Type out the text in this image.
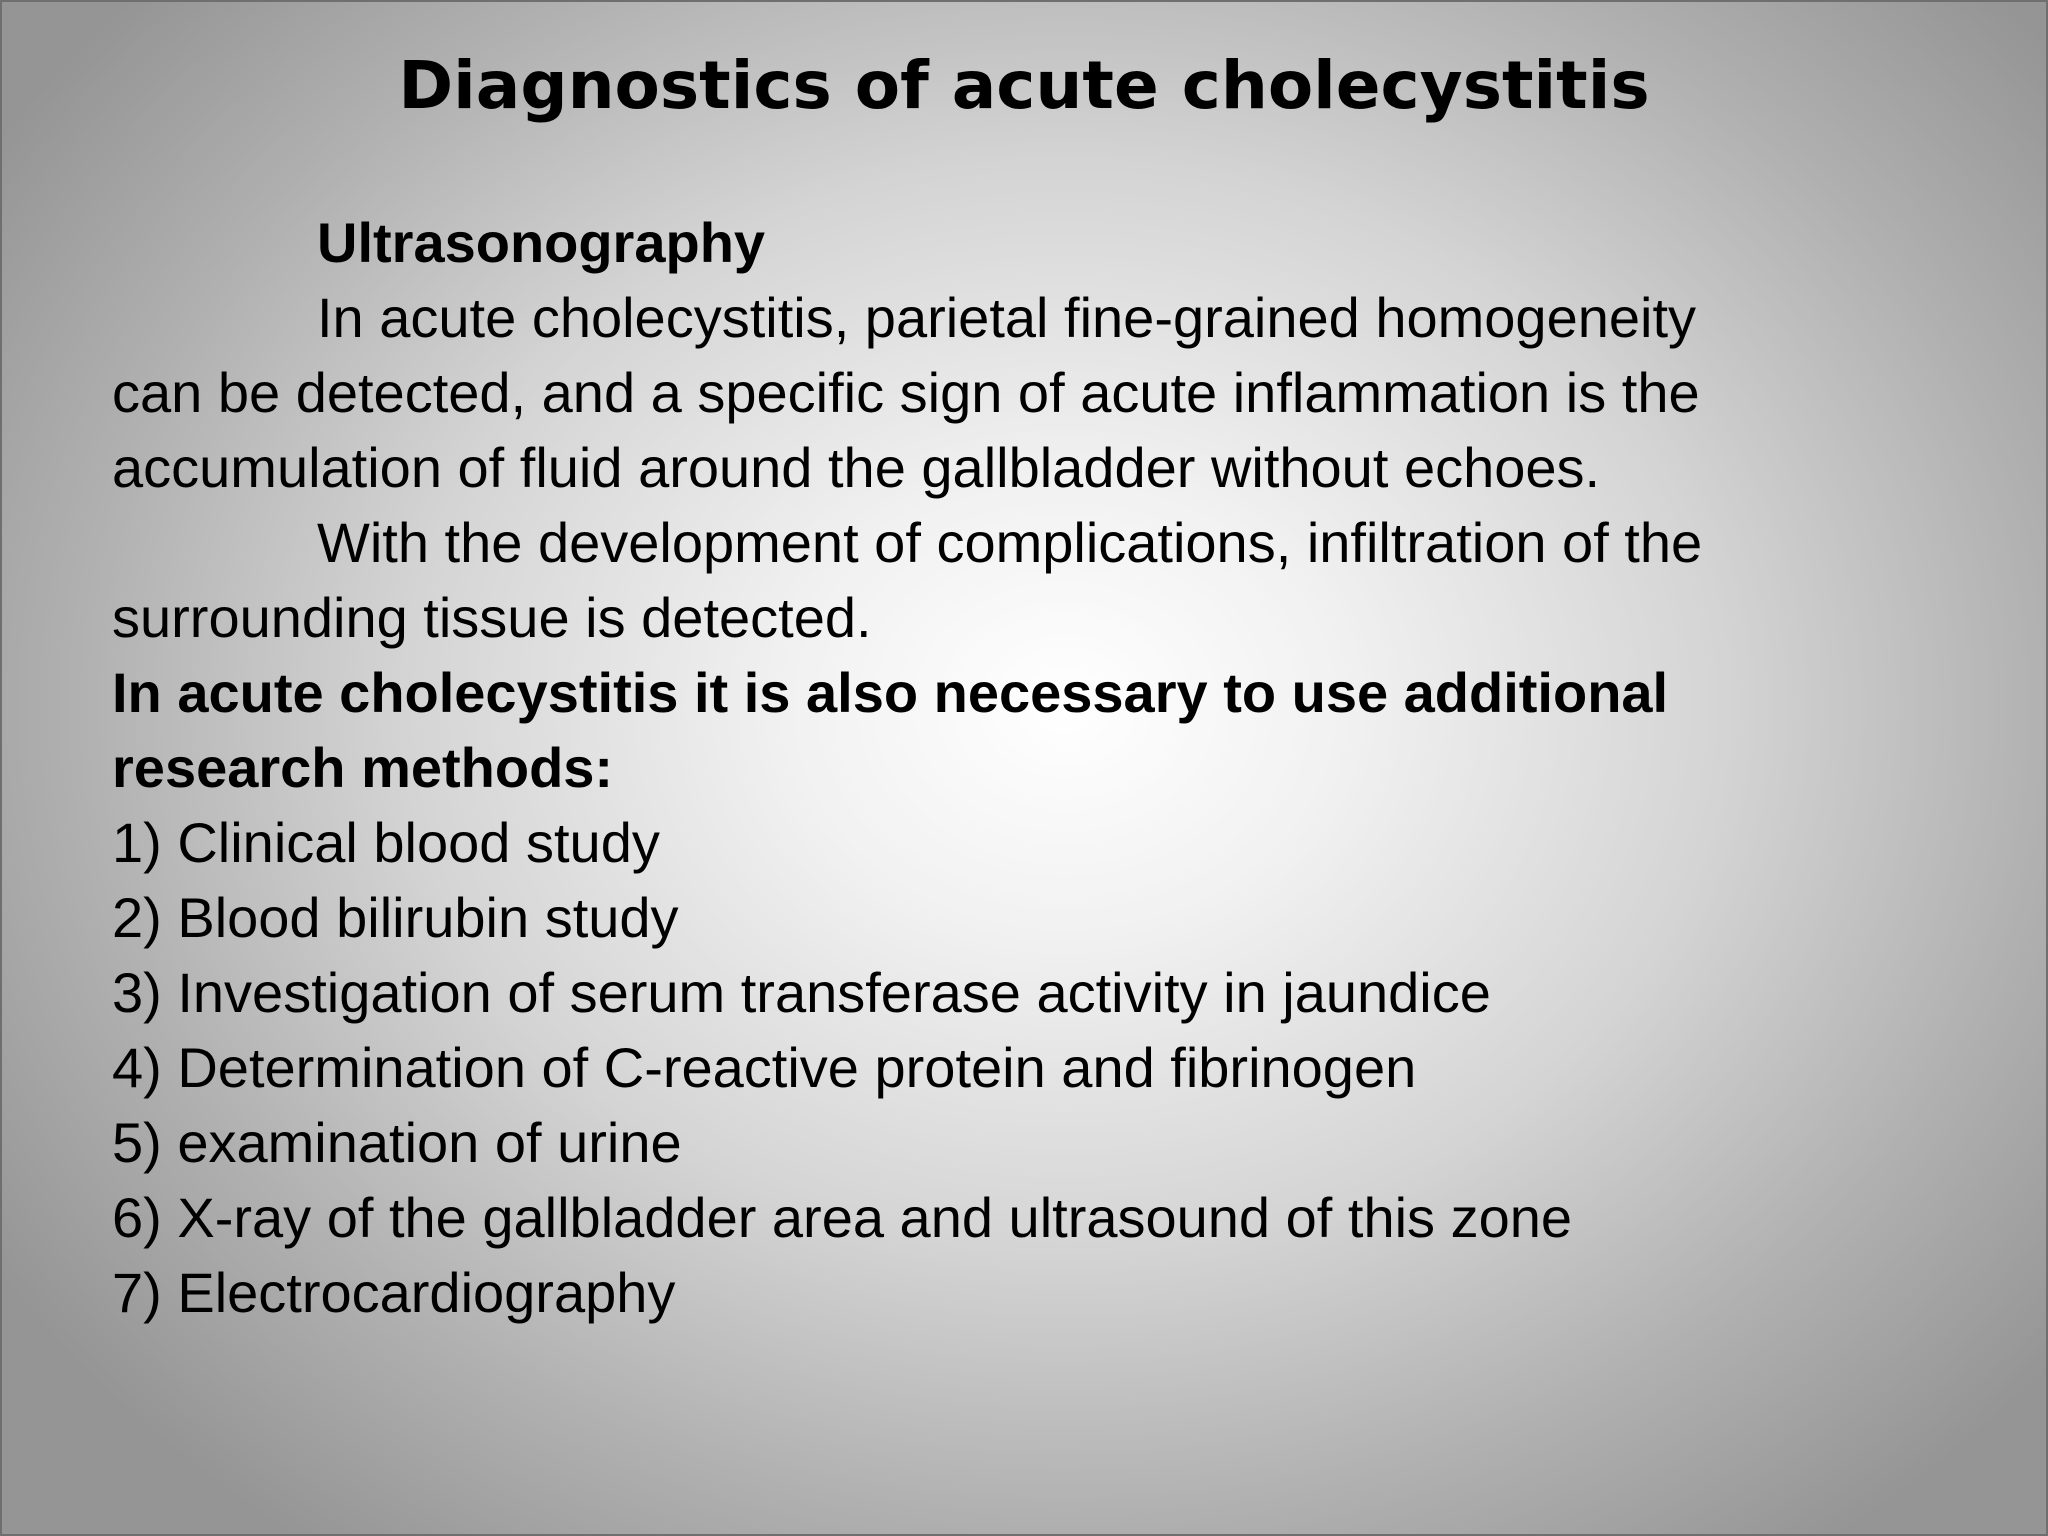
Diagnostics of acute cholecystitis

Ultrasonography

In acute cholecystitis, parietal fine-grained homogeneity

can be detected, and a specific sign of acute inflammation is the

accumulation of fluid around the gallbladder without echoes.

With the development of complications, infiltration of the

surrounding tissue is detected.

In acute cholecystitis it is also necessary to use additional

research methods:

1) Clinical blood study
2) Blood bilirubin study
3) Investigation of serum transferase activity in jaundice
4) Determination of C-reactive protein and fibrinogen
5) examination of urine
6) X-ray of the gallbladder area and ultrasound of this zone
7) Electrocardiography
